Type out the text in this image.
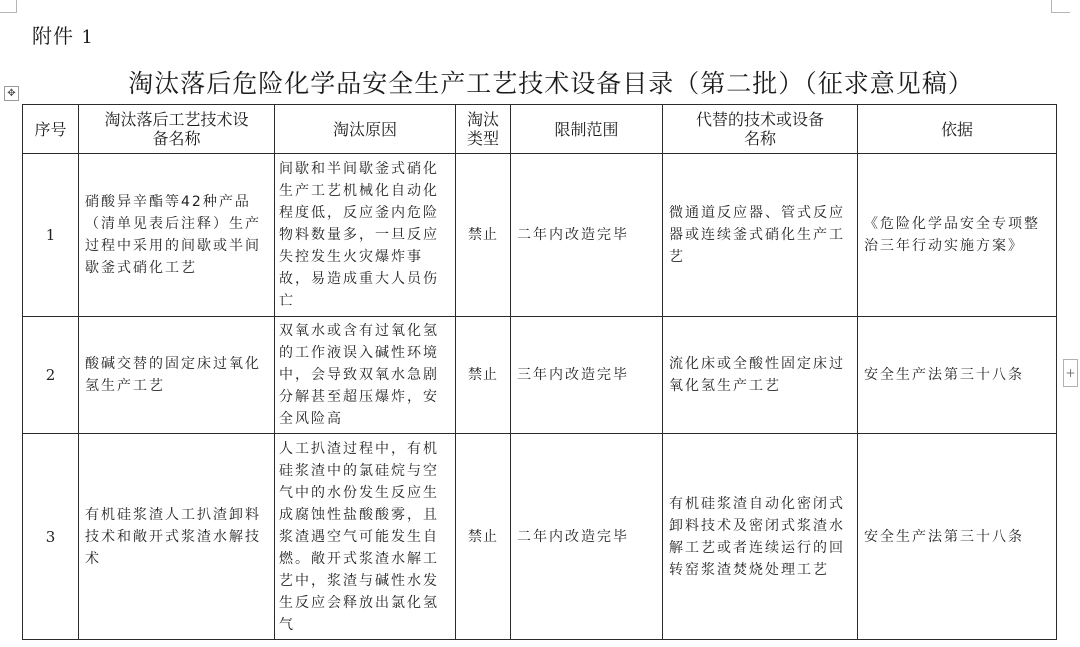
附件 1
淘汰落后危险化学品安全生产工艺技术设备目录（第二批）（征求意见稿）
✥
序号	淘汰落后工艺技术设备名称	淘汰原因	淘汰类型	限制范围	代替的技术或设备名称	依据
1	硝酸异辛酯等42种产品（清单见表后注释）生产过程中采用的间歇或半间歇釜式硝化工艺	间歇和半间歇釜式硝化生产工艺机械化自动化程度低，反应釜内危险物料数量多，一旦反应失控发生火灾爆炸事故，易造成重大人员伤亡	禁止	二年内改造完毕	微通道反应器、管式反应器或连续釜式硝化生产工艺	《危险化学品安全专项整治三年行动实施方案》
2	酸碱交替的固定床过氧化氢生产工艺	双氧水或含有过氧化氢的工作液误入碱性环境中，会导致双氧水急剧分解甚至超压爆炸，安全风险高	禁止	三年内改造完毕	流化床或全酸性固定床过氧化氢生产工艺	安全生产法第三十八条
3	有机硅浆渣人工扒渣卸料技术和敞开式浆渣水解技术	人工扒渣过程中，有机硅浆渣中的氯硅烷与空气中的水份发生反应生成腐蚀性盐酸酸雾，且浆渣遇空气可能发生自燃。敞开式浆渣水解工艺中，浆渣与碱性水发生反应会释放出氯化氢气	禁止	二年内改造完毕	有机硅浆渣自动化密闭式卸料技术及密闭式浆渣水解工艺或者连续运行的回转窑浆渣焚烧处理工艺	安全生产法第三十八条
+
